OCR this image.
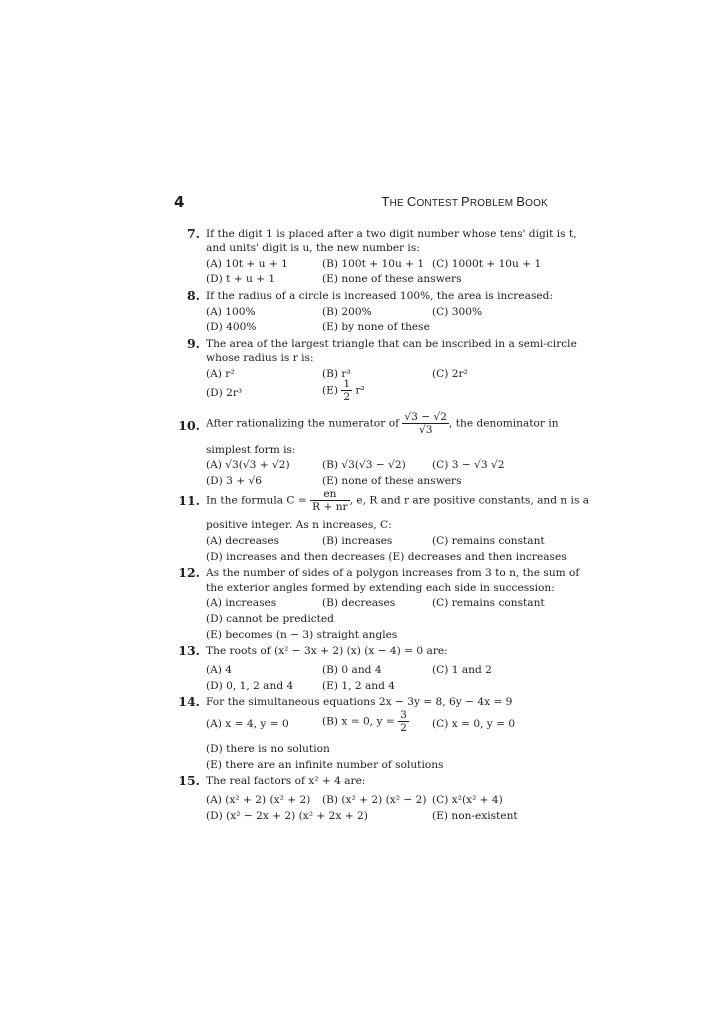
4	THE CONTEST PROBLEM BOOK
7. If the digit 1 is placed after a two digit number whose tens' digit is t,
and units' digit is u, the new number is:
(A) 10t + u + 1	(B) 100t + 10u + 1 (C) 1000t + 10u + 1
(D) t + u + 1	(E) none of these answers
8. If the radius of a circle is increased 100%, the area is increased:
(A) 100%	(B) 200%	(C) 300%
(D) 400%	(E) by none of these
9. The area of the largest triangle that can be inscribed in a semi-circle
whose radius is r is:
(A) r²	(B) r³	(C) 2r²
(D) 2r³	$(E) \frac{1}{2} r^2$
10. After rationalizing the numerator of $\frac{√3 - √2}{√3}$ , the denominator in
simplest form is:
(A) √3(√3 + √2)	(B) √3(√3 − √2) (C) 3 − √3 √2
(D) 3 + √6	(E) none of these answers
11. In the formula $C = \frac{en}{R + nr}$ , e, R and r are positive constants, and n is a
positive integer. As n increases, C:
(A) decreases	(B) increases	(C) remains constant
(D) increases and then decreases (E) decreases and then increases
12. As the number of sides of a polygon increases from 3 to n, the sum of
the exterior angles formed by extending each side in succession:
(A) increases	(B) decreases	(C) remains constant
(D) cannot be predicted
(E) becomes (n − 3) straight angles
13. The roots of (x² − 3x + 2) (x) (x − 4) = 0 are:
(A) 4	(B) 0 and 4	(C) 1 and 2
(D) 0, 1, 2 and 4	(E) 1, 2 and 4
14. For the simultaneous equations 2x − 3y = 8, 6y − 4x = 9
(A) x = 4, y = 0	(B) x = 0, $y = \frac{3}{2} (C) x = 0$, y = 0
(D) there is no solution
(E) there are an infinite number of solutions
15. The real factors of x² + 4 are:
(A) (x² + 2) (x² + 2) (B) (x² + 2) (x² − 2) (C) x²(x² + 4)
(D) (x² − 2x + 2) (x² + 2x + 2)	(E) non-existent
